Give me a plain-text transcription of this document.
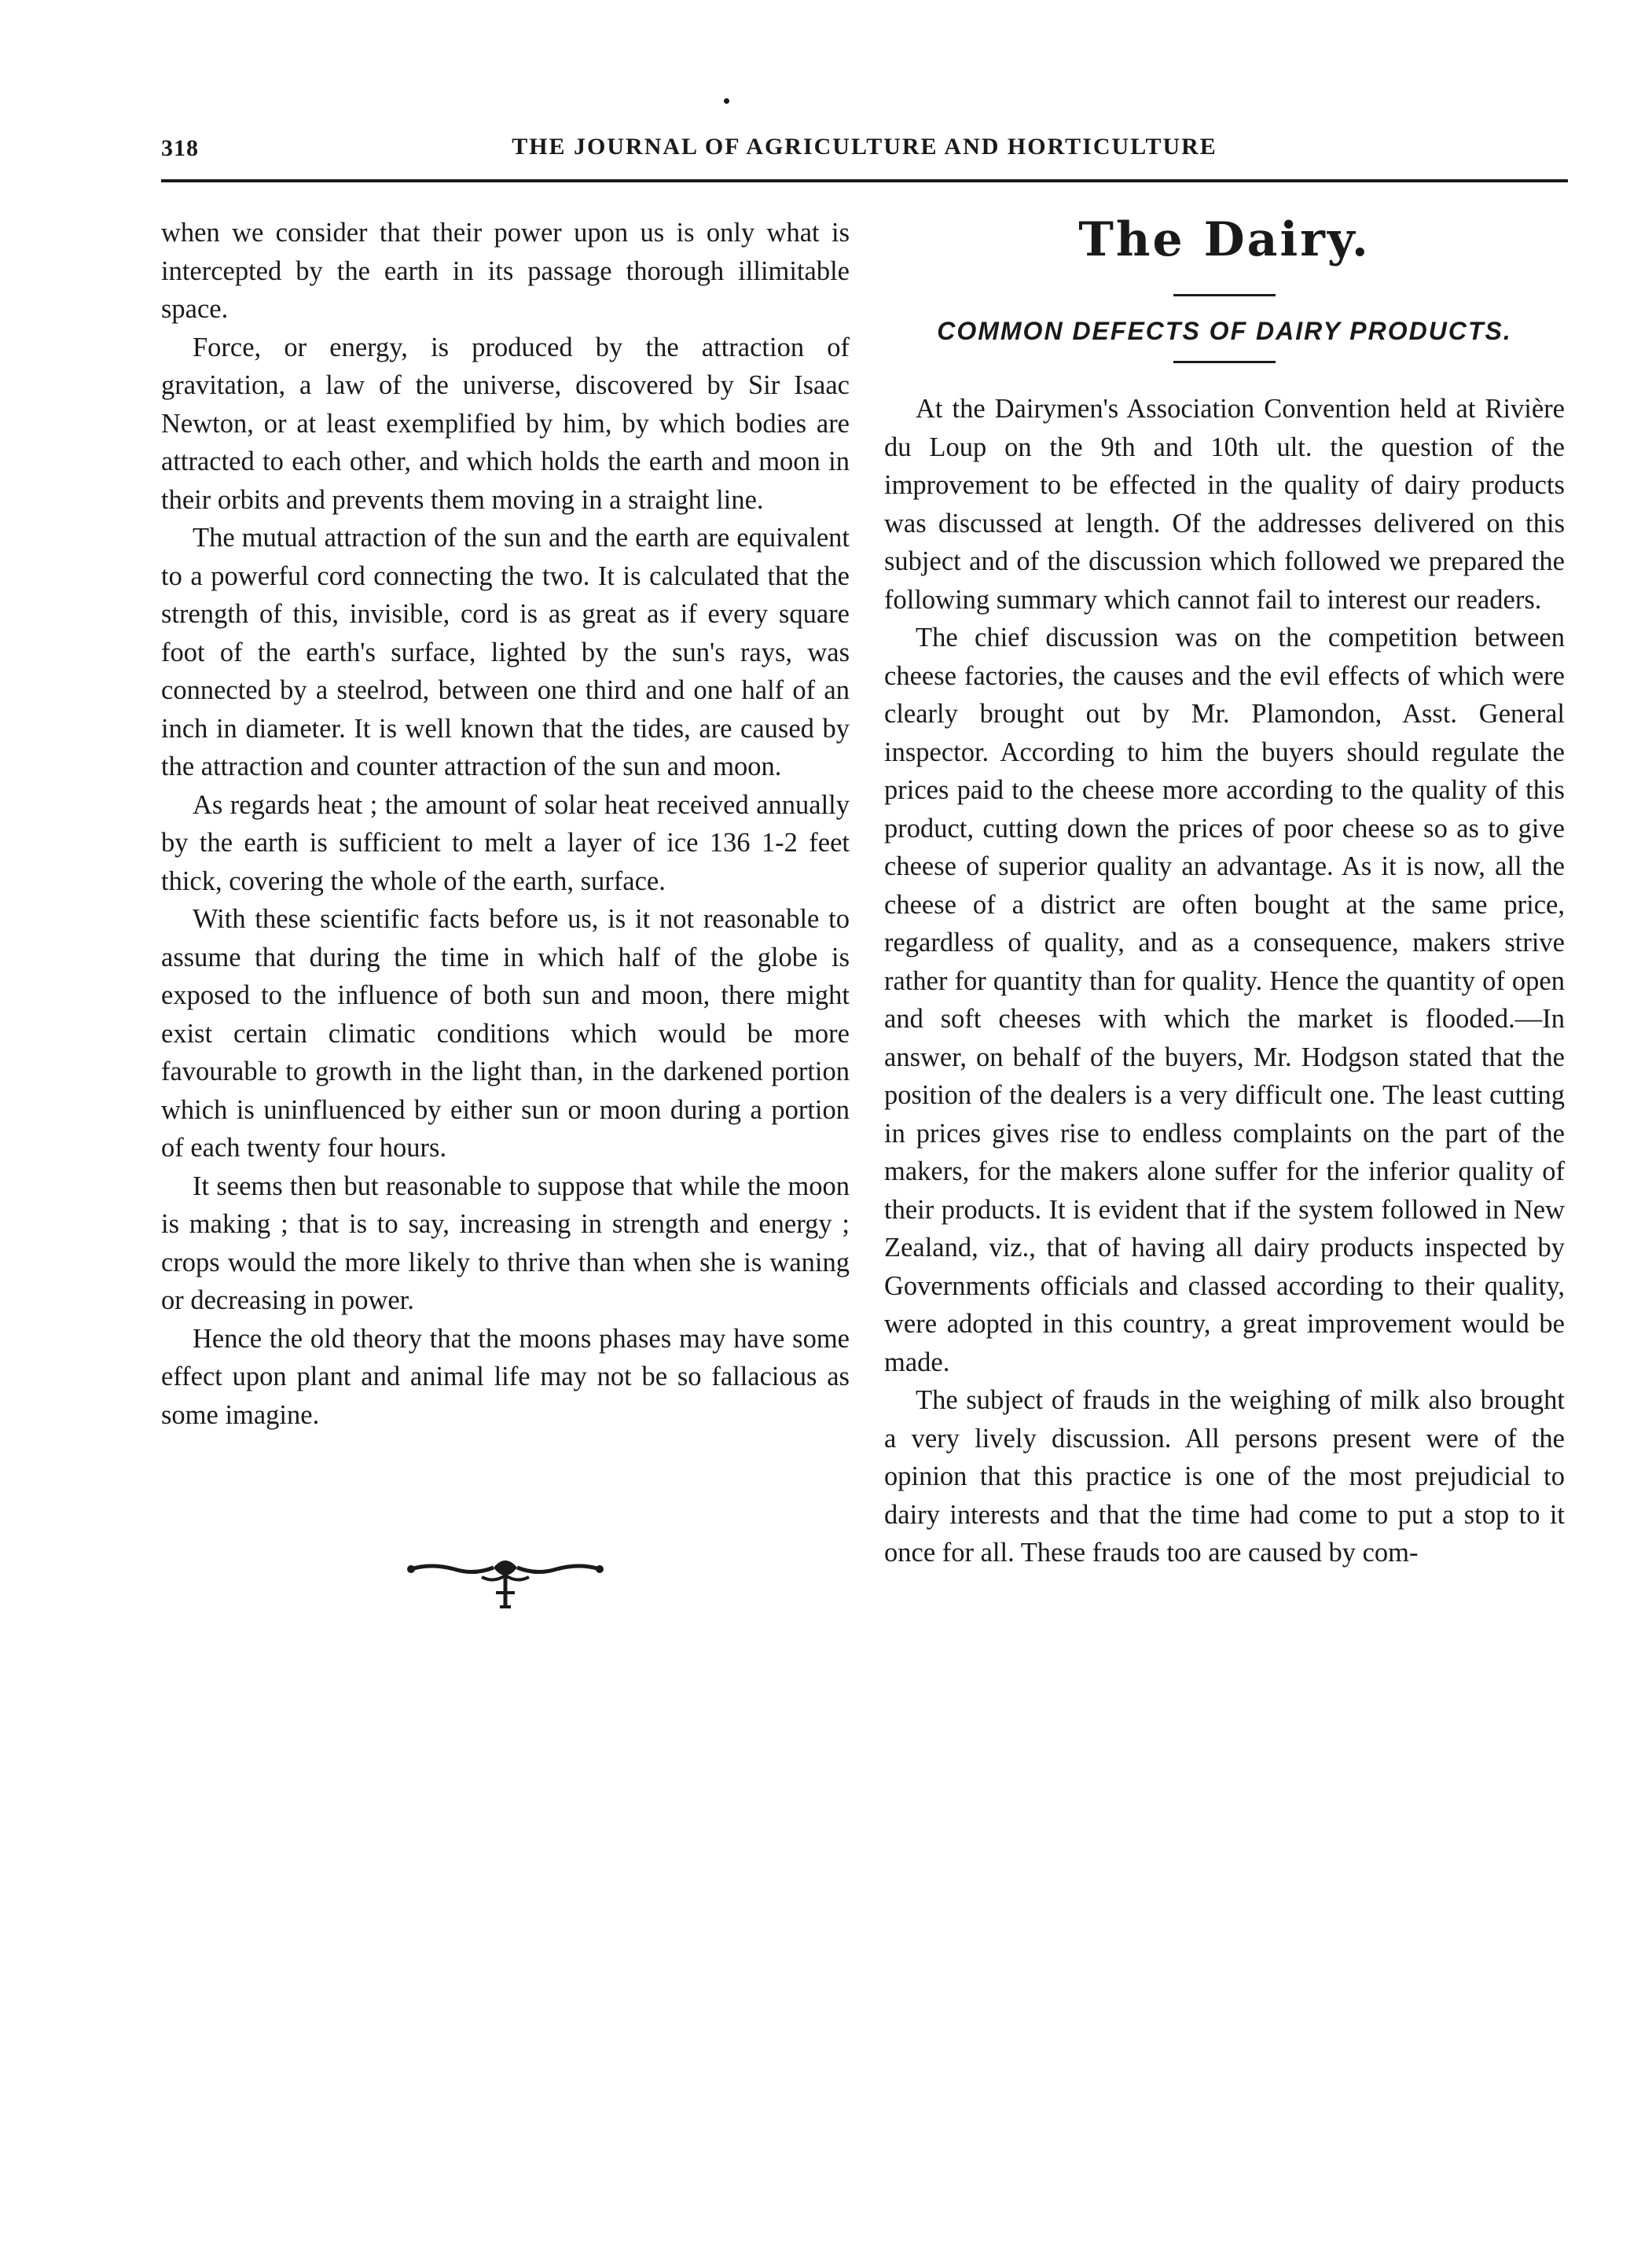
318	THE JOURNAL OF AGRICULTURE AND HORTICULTURE

when we consider that their power upon us is only what is intercepted by the earth in its passage thorough illimitable space.

Force, or energy, is produced by the attraction of gravitation, a law of the universe, discovered by Sir Isaac Newton, or at least exemplified by him, by which bodies are attracted to each other, and which holds the earth and moon in their orbits and prevents them moving in a straight line.

The mutual attraction of the sun and the earth are equivalent to a powerful cord connecting the two. It is calculated that the strength of this, invisible, cord is as great as if every square foot of the earth's surface, lighted by the sun's rays, was connected by a steelrod, between one third and one half of an inch in diameter. It is well known that the tides, are caused by the attraction and counter attraction of the sun and moon.

As regards heat ; the amount of solar heat received annually by the earth is sufficient to melt a layer of ice 136 1-2 feet thick, covering the whole of the earth, surface.

With these scientific facts before us, is it not reasonable to assume that during the time in which half of the globe is exposed to the influence of both sun and moon, there might exist certain climatic conditions which would be more favourable to growth in the light than, in the darkened portion which is uninfluenced by either sun or moon during a portion of each twenty four hours.

It seems then but reasonable to suppose that while the moon is making ; that is to say, increasing in strength and energy ; crops would the more likely to thrive than when she is waning or decreasing in power.

Hence the old theory that the moons phases may have some effect upon plant and animal life may not be so fallacious as some imagine.

The Dairy.
COMMON DEFECTS OF DAIRY PRODUCTS.

At the Dairymen's Association Convention held at Rivière du Loup on the 9th and 10th ult. the question of the improvement to be effected in the quality of dairy products was discussed at length. Of the addresses delivered on this subject and of the discussion which followed we prepared the following summary which cannot fail to interest our readers.

The chief discussion was on the competition between cheese factories, the causes and the evil effects of which were clearly brought out by Mr. Plamondon, Asst. General inspector. According to him the buyers should regulate the prices paid to the cheese more according to the quality of this product, cutting down the prices of poor cheese so as to give cheese of superior quality an advantage. As it is now, all the cheese of a district are often bought at the same price, regardless of quality, and as a consequence, makers strive rather for quantity than for quality. Hence the quantity of open and soft cheeses with which the market is flooded.—In answer, on behalf of the buyers, Mr. Hodgson stated that the position of the dealers is a very difficult one. The least cutting in prices gives rise to endless complaints on the part of the makers, for the makers alone suffer for the inferior quality of their products. It is evident that if the system followed in New Zealand, viz., that of having all dairy products inspected by Governments officials and classed according to their quality, were adopted in this country, a great improvement would be made.

The subject of frauds in the weighing of milk also brought a very lively discussion. All persons present were of the opinion that this practice is one of the most prejudicial to dairy interests and that the time had come to put a stop to it once for all. These frauds too are caused by com-
